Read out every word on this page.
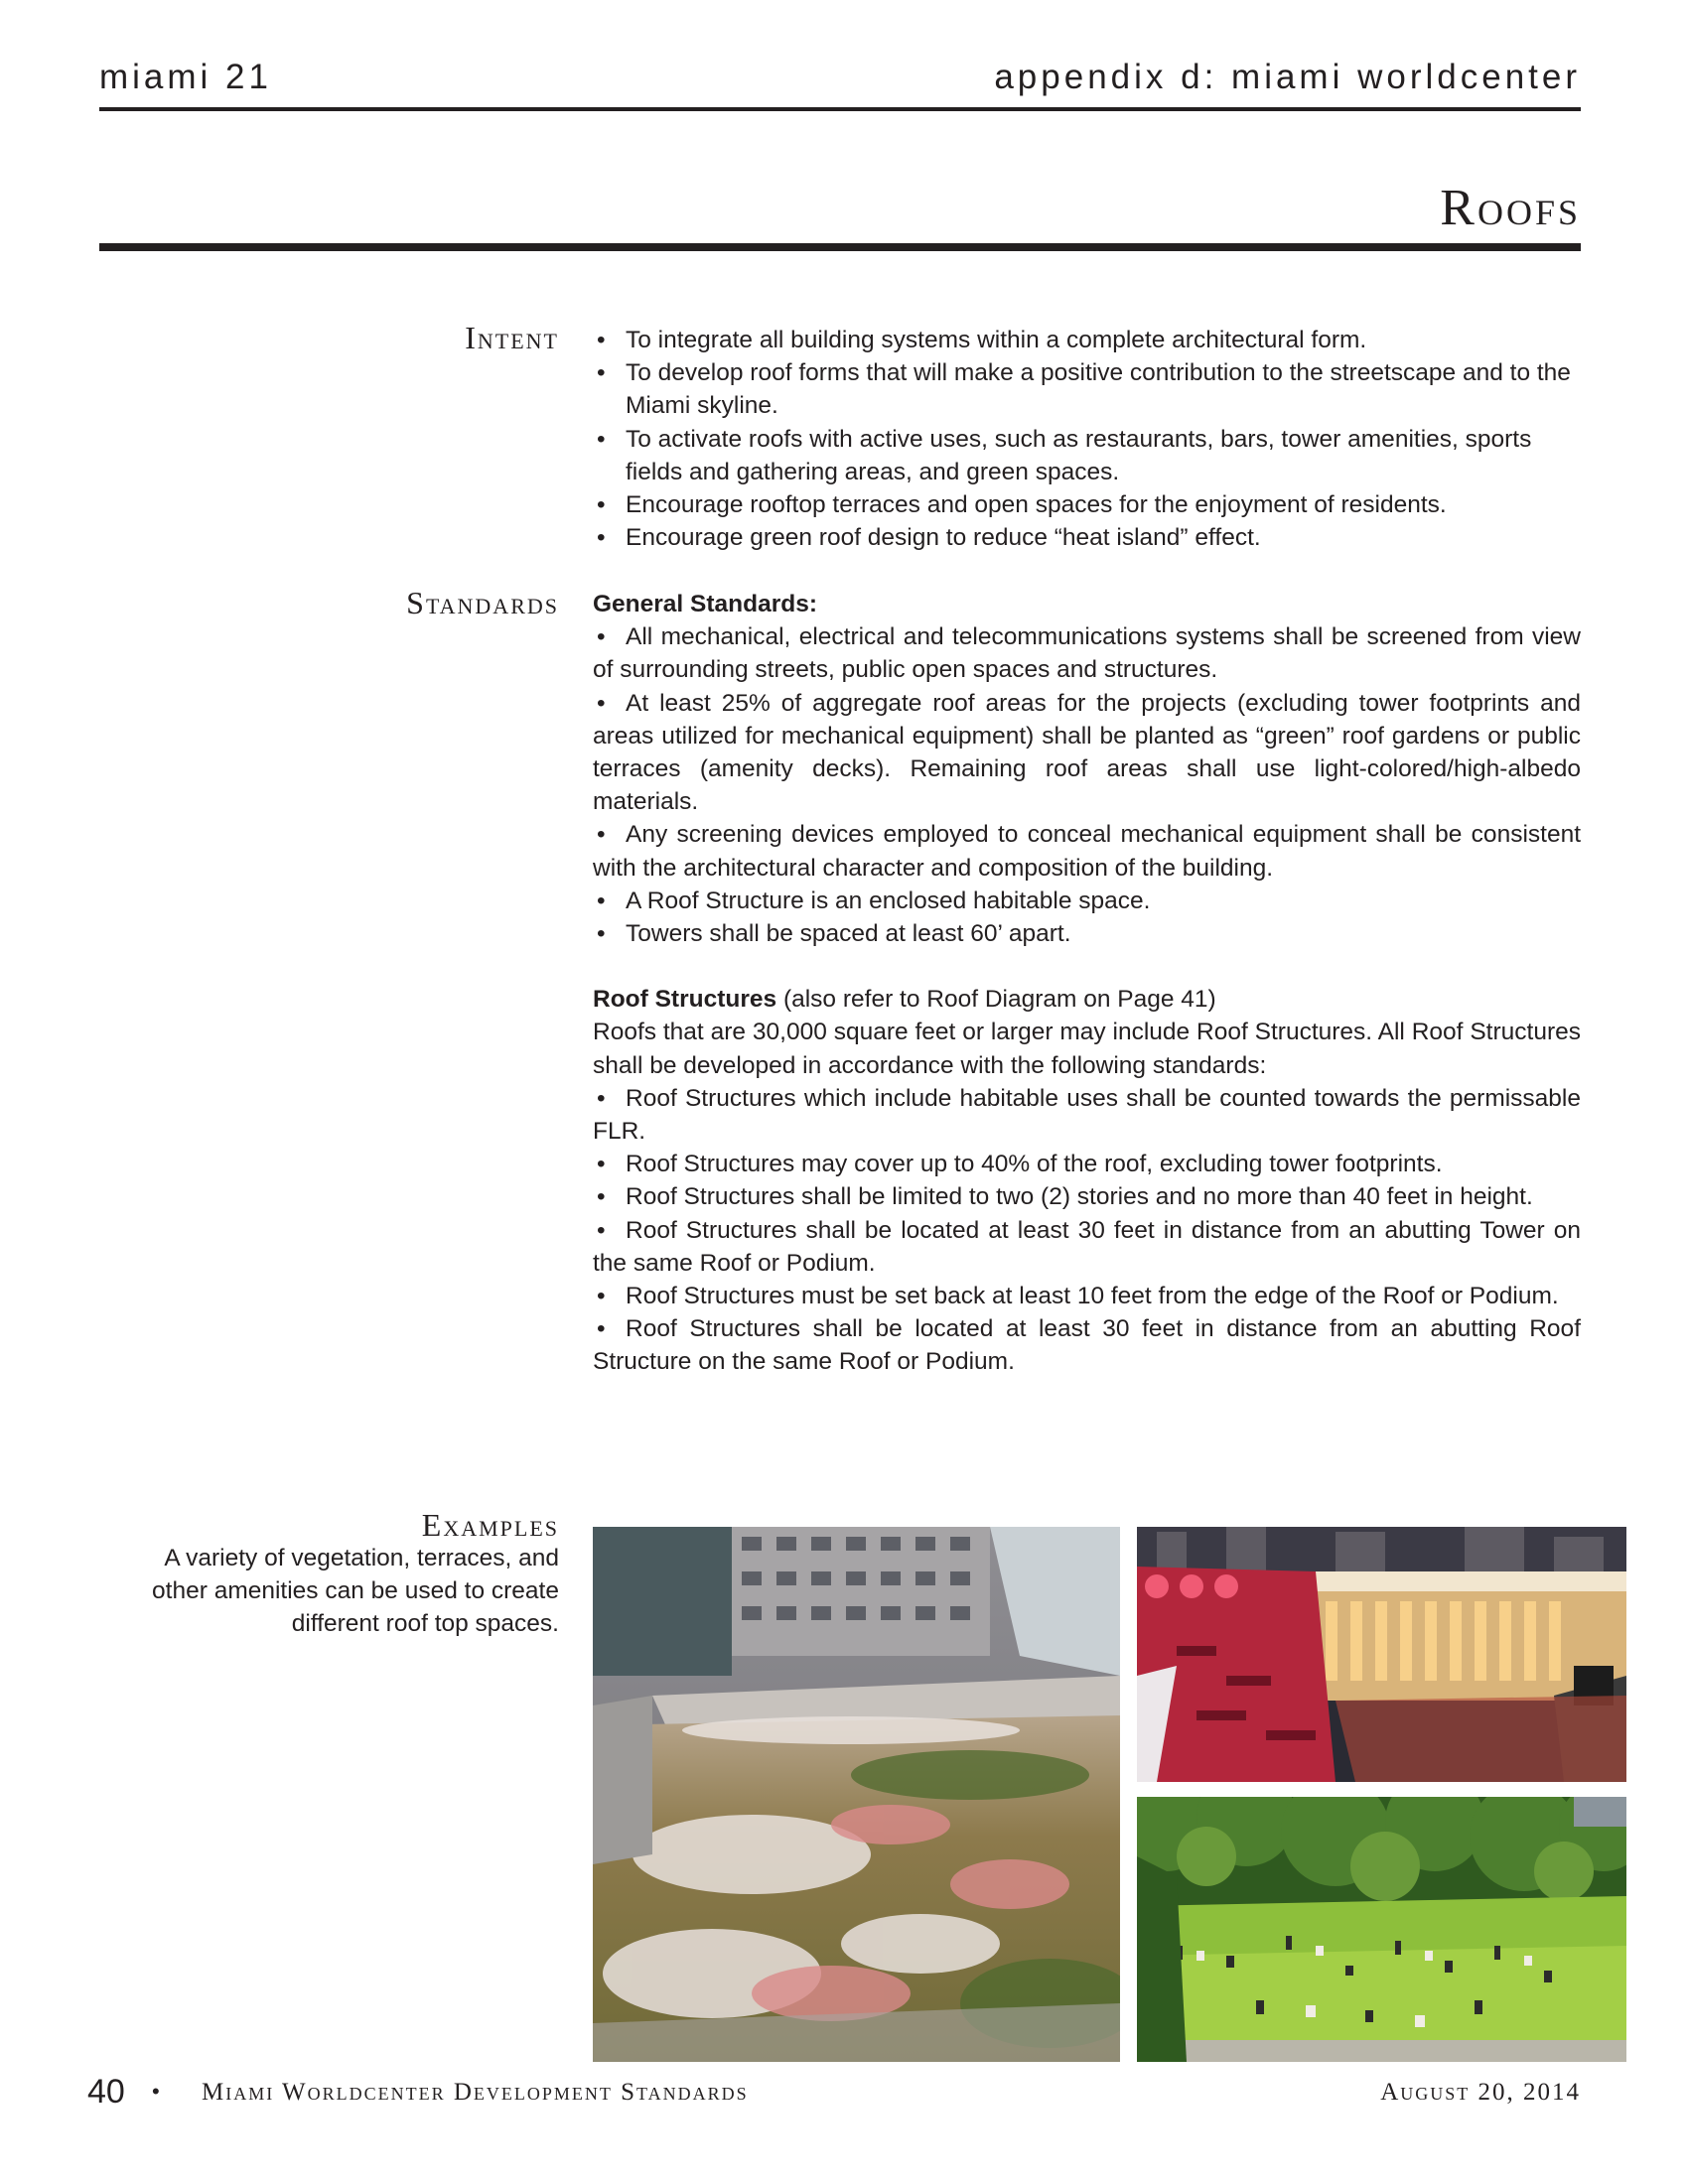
miami 21	appendix d: miami worldcenter
Roofs
Intent
•	To integrate all building systems within a complete architectural form.
• To develop roof forms that will make a positive contribution to the streetscape and to the Miami skyline.
• To activate roofs with active uses, such as restaurants, bars, tower amenities, sports fields and gathering areas, and green spaces.
• Encourage rooftop terraces and open spaces for the enjoyment of residents.
• Encourage green roof design to reduce “heat island” effect.
Standards General Standards:

• All mechanical, electrical and telecommunications systems shall be screened from view of surrounding streets, public open spaces and structures.

• At least 25% of aggregate roof areas for the projects (excluding tower footprints and areas utilized for mechanical equipment) shall be planted as “green” roof gardens or public terraces (amenity decks). Remaining roof areas shall use light-colored/high-albedo materials.

• Any screening devices employed to conceal mechanical equipment shall be consistent with the architectural character and composition of the building.

• A Roof Structure is an enclosed habitable space.

• Towers shall be spaced at least 60’ apart.

Roof Structures (also refer to Roof Diagram on Page 41)

Roofs that are 30,000 square feet or larger may include Roof Structures. All Roof Structures shall be developed in accordance with the following standards:

• Roof Structures which include habitable uses shall be counted towards the permissable FLR.

• Roof Structures may cover up to 40% of the roof, excluding tower footprints.

• Roof Structures shall be limited to two (2) stories and no more than 40 feet in height.

• Roof Structures shall be located at least 30 feet in distance from an abutting Tower on the same Roof or Podium.

• Roof Structures must be set back at least 10 feet from the edge of the Roof or Podium.

• Roof Structures shall be located at least 30 feet in distance from an abutting Roof Structure on the same Roof or Podium.

Examples
A variety of vegetation, terraces, and other amenities can be used to create different roof top spaces.
40 • Miami Worldcenter Development Standards	August 20, 2014
